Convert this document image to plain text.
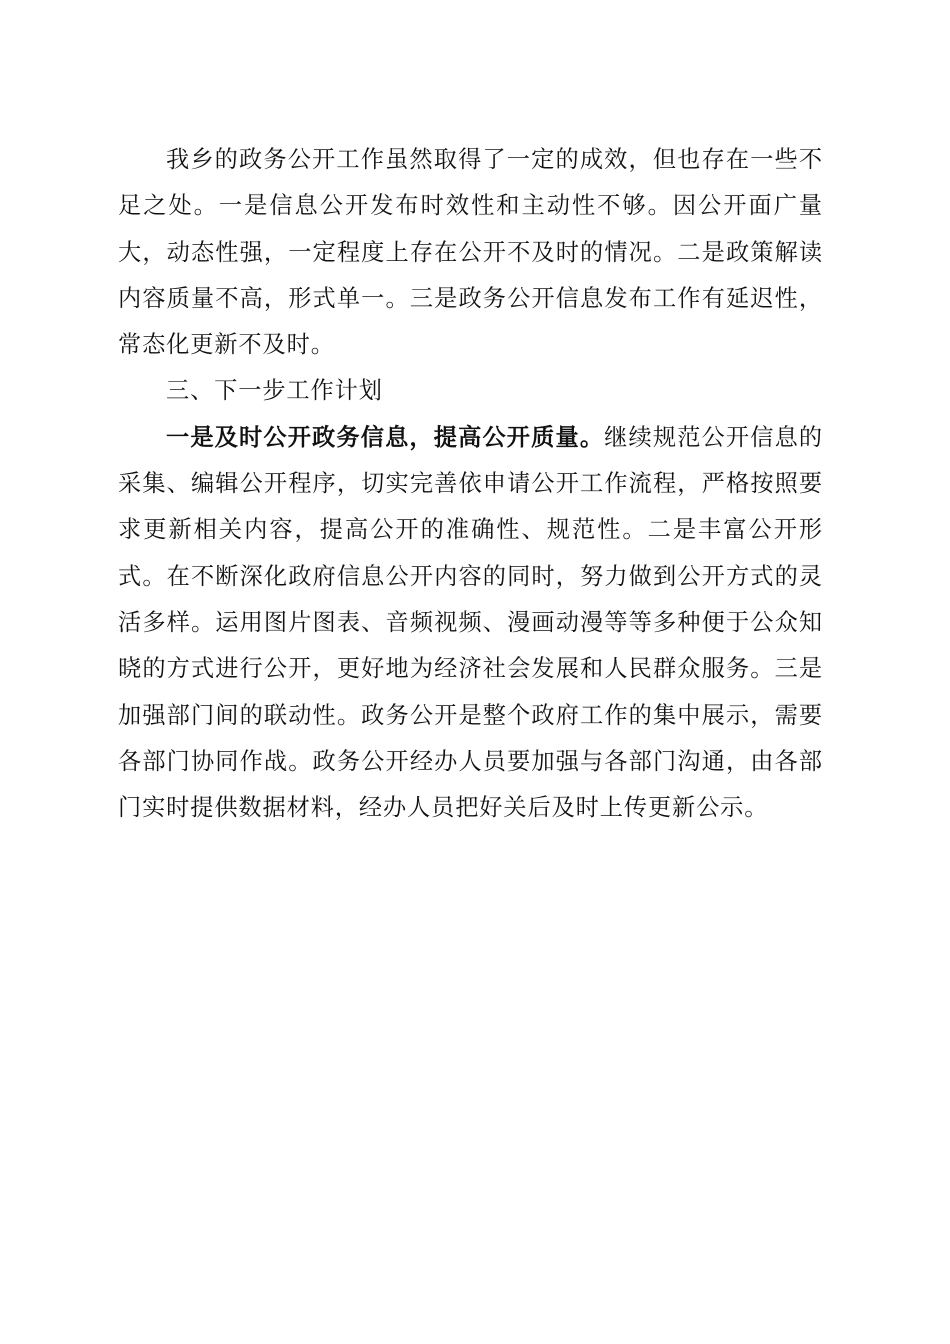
我乡的政务公开工作虽然取得了一定的成效，但也存在一些不足之处。一是信息公开发布时效性和主动性不够。因公开面广量大，动态性强，一定程度上存在公开不及时的情况。二是政策解读内容质量不高，形式单一。三是政务公开信息发布工作有延迟性，常态化更新不及时。

三、下一步工作计划

一是及时公开政务信息，提高公开质量。继续规范公开信息的采集、编辑公开程序，切实完善依申请公开工作流程，严格按照要求更新相关内容，提高公开的准确性、规范性。二是丰富公开形式。在不断深化政府信息公开内容的同时，努力做到公开方式的灵活多样。运用图片图表、音频视频、漫画动漫等等多种便于公众知晓的方式进行公开，更好地为经济社会发展和人民群众服务。三是加强部门间的联动性。政务公开是整个政府工作的集中展示，需要各部门协同作战。政务公开经办人员要加强与各部门沟通，由各部门实时提供数据材料，经办人员把好关后及时上传更新公示。
